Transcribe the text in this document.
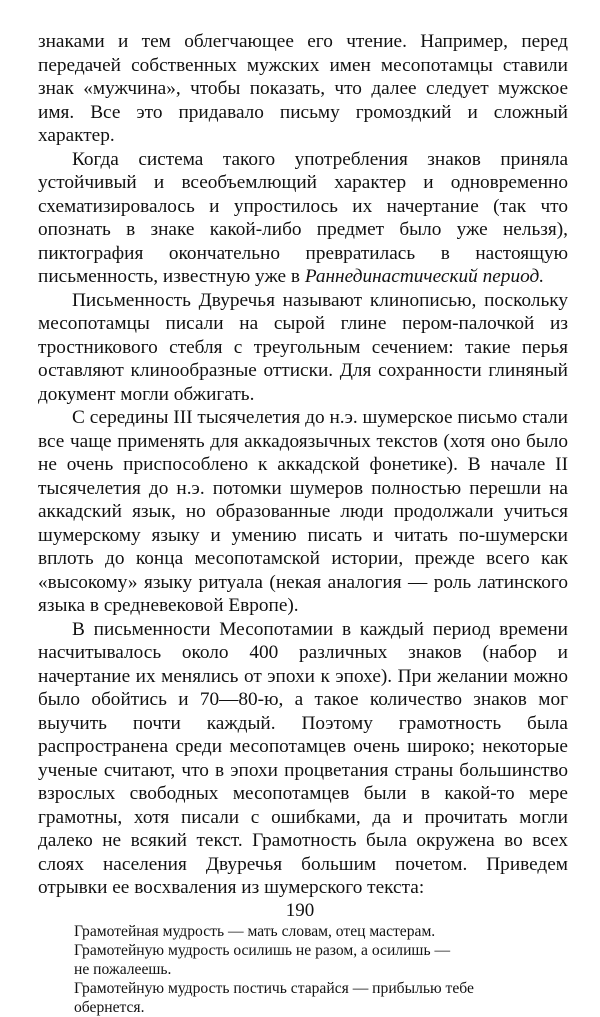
знаками и тем облегчающее его чтение. Например, перед передачей собственных мужских имен месопотамцы ставили знак «мужчина», чтобы показать, что далее следует мужское имя. Все это придавало письму громоздкий и сложный характер.

Когда система такого употребления знаков приняла устойчивый и всеобъемлющий характер и одновременно схематизировалось и упростилось их начертание (так что опознать в знаке какой-либо предмет было уже нельзя), пиктография окончательно превратилась в настоящую письменность, известную уже в Раннединастический период.

Письменность Двуречья называют клинописью, поскольку месопотамцы писали на сырой глине пером-палочкой из тростникового стебля с треугольным сечением: такие перья оставляют клинообразные оттиски. Для сохранности глиняный документ могли обжигать.

С середины III тысячелетия до н.э. шумерское письмо стали все чаще применять для аккадоязычных текстов (хотя оно было не очень приспособлено к аккадской фонетике). В начале II тысячелетия до н.э. потомки шумеров полностью перешли на аккадский язык, но образованные люди продолжали учиться шумерскому языку и умению писать и читать по-шумерски вплоть до конца месопотамской истории, прежде всего как «высокому» языку ритуала (некая аналогия — роль латинского языка в средневековой Европе).

В письменности Месопотамии в каждый период времени насчитывалось около 400 различных знаков (набор и начертание их менялись от эпохи к эпохе). При желании можно было обойтись и 70—80-ю, а такое количество знаков мог выучить почти каждый. Поэтому грамотность была распространена среди месопотамцев очень широко; некоторые ученые считают, что в эпохи процветания страны большинство взрослых свободных месопотамцев были в какой-то мере грамотны, хотя писали с ошибками, да и прочитать могли далеко не всякий текст. Грамотность была окружена во всех слоях населения Двуречья большим почетом. Приведем отрывки ее восхваления из шумерского текста:

Грамотейная мудрость — мать словам, отец мастерам.

Грамотейную мудрость осилишь не разом, а осилишь —

не пожалеешь.

Грамотейную мудрость постичь старайся — прибылью тебе

обернется.

190
